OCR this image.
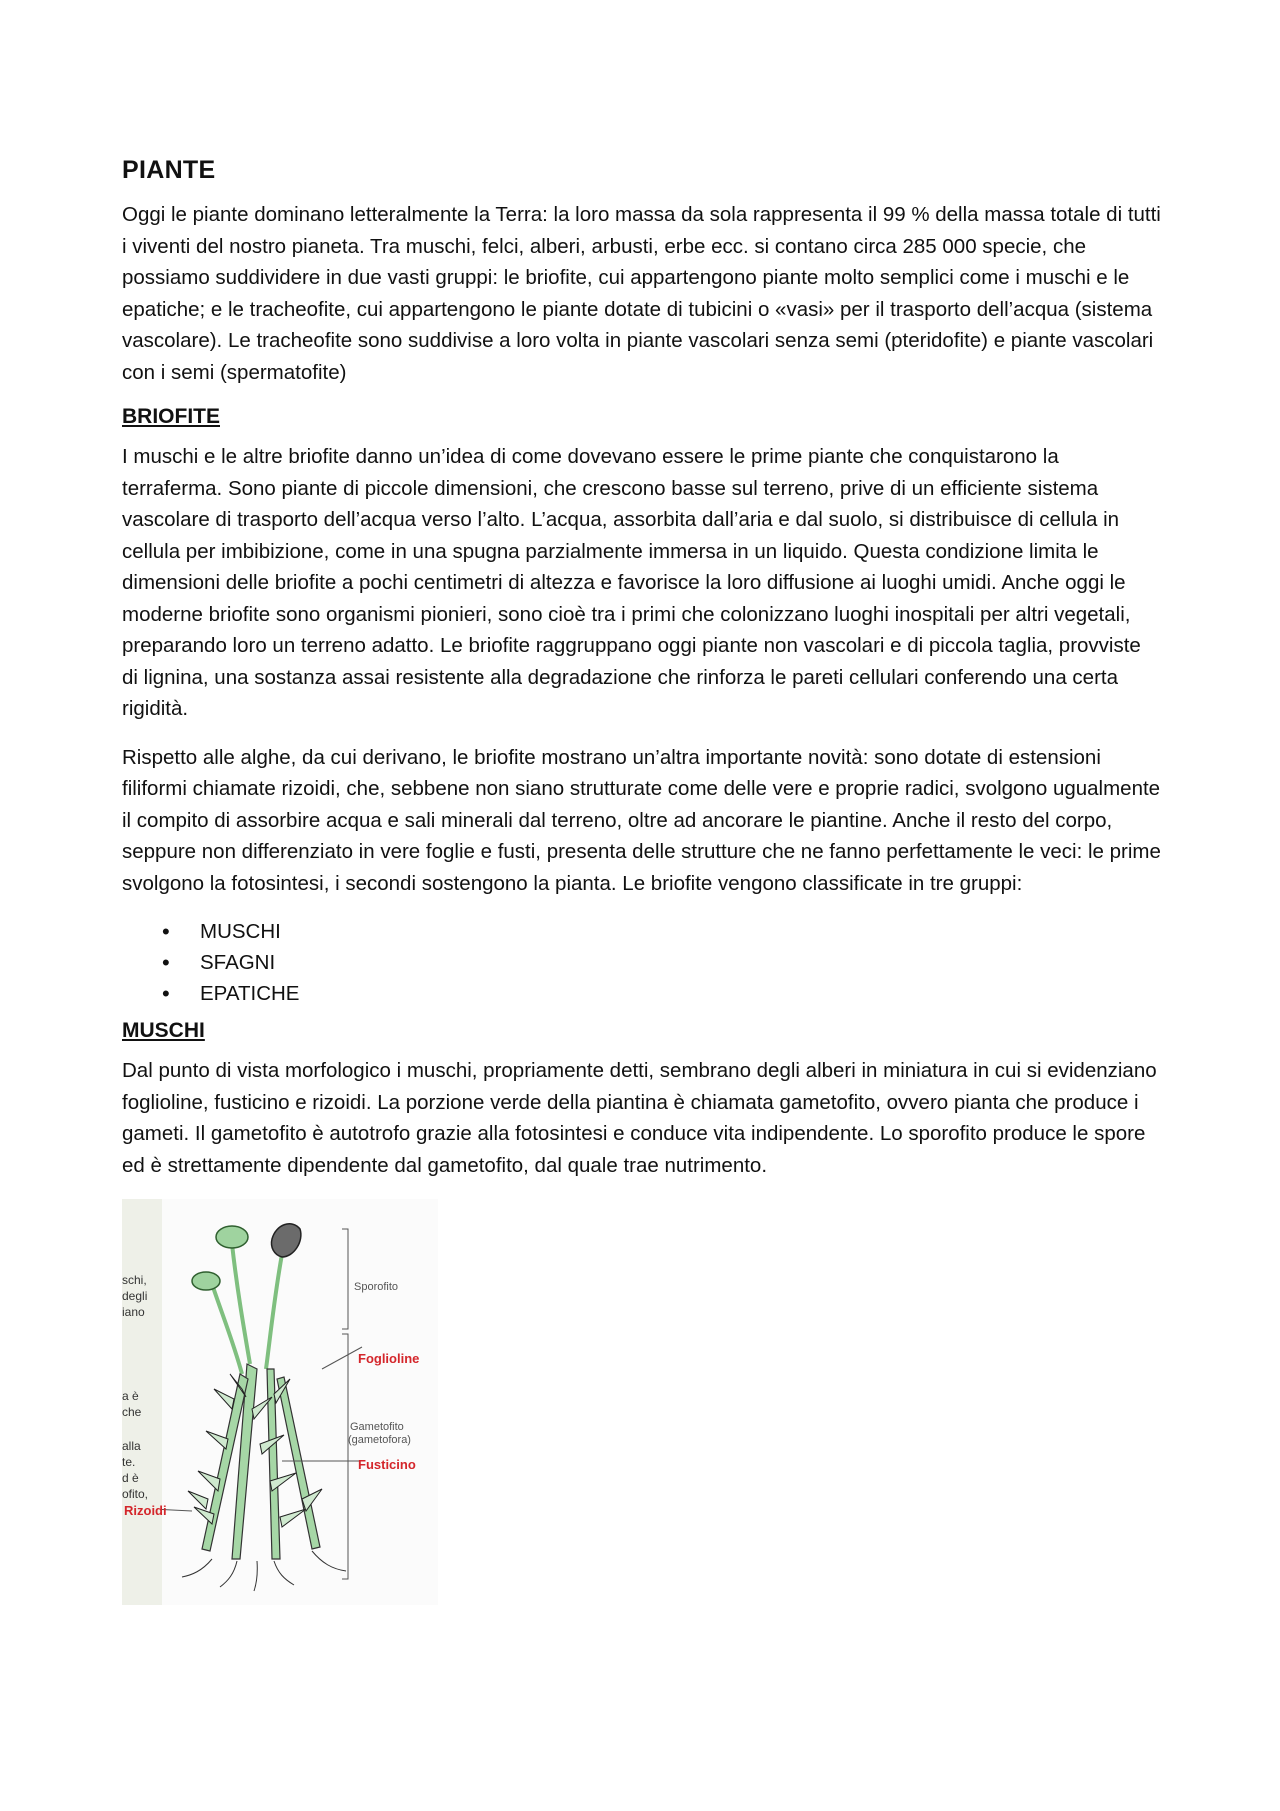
PIANTE

Oggi le piante dominano letteralmente la Terra: la loro massa da sola rappresenta il 99 % della massa totale di tutti i viventi del nostro pianeta. Tra muschi, felci, alberi, arbusti, erbe ecc. si contano circa 285 000 specie, che possiamo suddividere in due vasti gruppi: le briofite, cui appartengono piante molto semplici come i muschi e le epatiche; e le tracheofite, cui appartengono le piante dotate di tubicini o «vasi» per il trasporto dell’acqua (sistema vascolare). Le tracheofite sono suddivise a loro volta in piante vascolari senza semi (pteridofite) e piante vascolari con i semi (spermatofite)

BRIOFITE

I muschi e le altre briofite danno un’idea di come dovevano essere le prime piante che conquistarono la terraferma. Sono piante di piccole dimensioni, che crescono basse sul terreno, prive di un efficiente sistema vascolare di trasporto dell’acqua verso l’alto. L’acqua, assorbita dall’aria e dal suolo, si distribuisce di cellula in cellula per imbibizione, come in una spugna parzialmente immersa in un liquido. Questa condizione limita le dimensioni delle briofite a pochi centimetri di altezza e favorisce la loro diffusione ai luoghi umidi. Anche oggi le moderne briofite sono organismi pionieri, sono cioè tra i primi che colonizzano luoghi inospitali per altri vegetali, preparando loro un terreno adatto. Le briofite raggruppano oggi piante non vascolari e di piccola taglia, provviste di lignina, una sostanza assai resistente alla degradazione che rinforza le pareti cellulari conferendo una certa rigidità.

Rispetto alle alghe, da cui derivano, le briofite mostrano un’altra importante novità: sono dotate di estensioni filiformi chiamate rizoidi, che, sebbene non siano strutturate come delle vere e proprie radici, svolgono ugualmente il compito di assorbire acqua e sali minerali dal terreno, oltre ad ancorare le piantine. Anche il resto del corpo, seppure non differenziato in vere foglie e fusti, presenta delle strutture che ne fanno perfettamente le veci: le prime svolgono la fotosintesi, i secondi sostengono la pianta. Le briofite vengono classificate in tre gruppi:

• MUSCHI
• SFAGNI
• EPATICHE
MUSCHI

Dal punto di vista morfologico i muschi, propriamente detti, sembrano degli alberi in miniatura in cui si evidenziano foglioline, fusticino e rizoidi. La porzione verde della piantina è chiamata gametofito, ovvero pianta che produce i gameti. Il gametofito è autotrofo grazie alla fotosintesi e conduce vita indipendente. Lo sporofito produce le spore ed è strettamente dipendente dal gametofito, dal quale trae nutrimento.

schi,
degli
iano
a è
che
alla
te.
d è
ofito,
Sporofito
Foglioline
Gametofito
(gametofora)
Fusticino
Rizoidi
